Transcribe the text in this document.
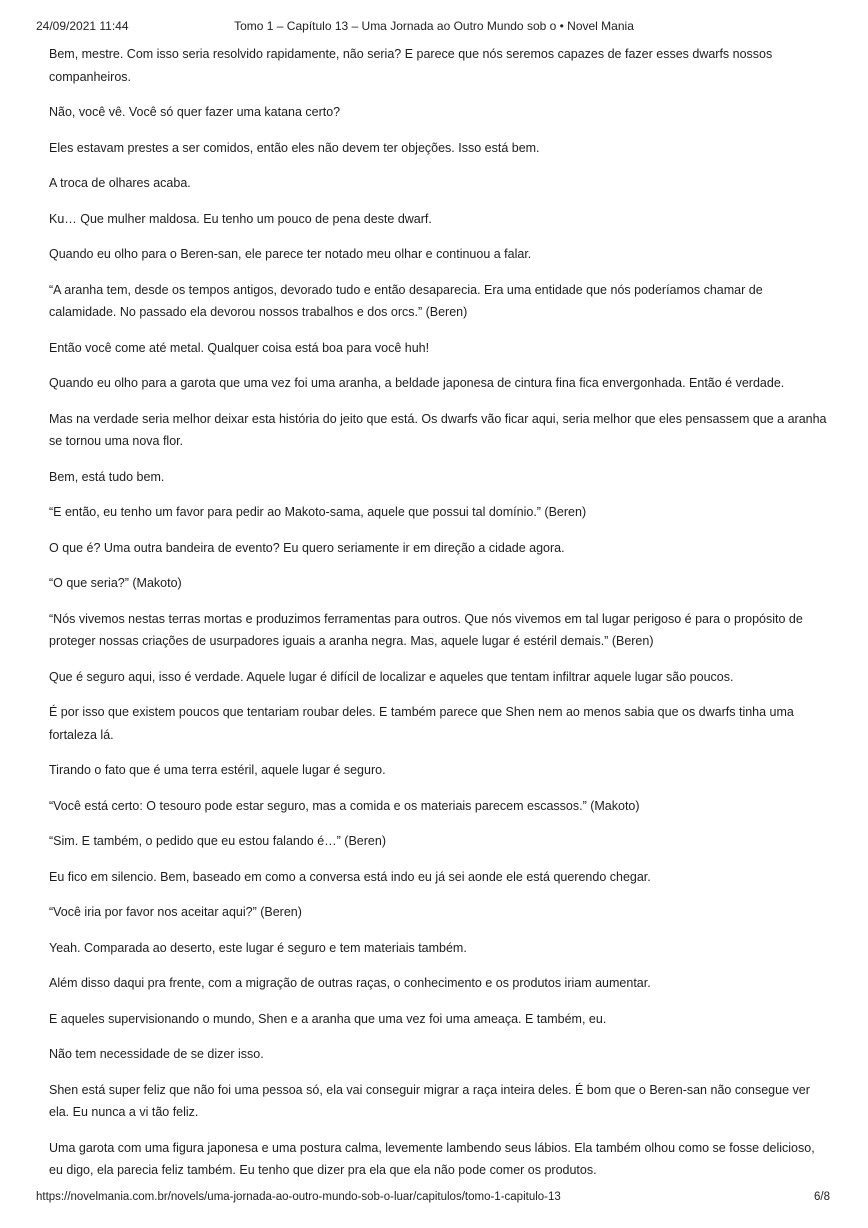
24/09/2021 11:44	Tomo 1 – Capítulo 13 – Uma Jornada ao Outro Mundo sob o • Novel Mania

Bem, mestre. Com isso seria resolvido rapidamente, não seria? E parece que nós seremos capazes de fazer esses dwarfs nossos companheiros.

Não, você vê. Você só quer fazer uma katana certo?

Eles estavam prestes a ser comidos, então eles não devem ter objeções. Isso está bem.

A troca de olhares acaba.

Ku… Que mulher maldosa. Eu tenho um pouco de pena deste dwarf.

Quando eu olho para o Beren-san, ele parece ter notado meu olhar e continuou a falar.

“A aranha tem, desde os tempos antigos, devorado tudo e então desaparecia. Era uma entidade que nós poderíamos chamar de calamidade. No passado ela devorou nossos trabalhos e dos orcs.” (Beren)

Então você come até metal. Qualquer coisa está boa para você huh!

Quando eu olho para a garota que uma vez foi uma aranha, a beldade japonesa de cintura fina fica envergonhada. Então é verdade.

Mas na verdade seria melhor deixar esta história do jeito que está. Os dwarfs vão ficar aqui, seria melhor que eles pensassem que a aranha se tornou uma nova flor.

Bem, está tudo bem.

“E então, eu tenho um favor para pedir ao Makoto-sama, aquele que possui tal domínio.” (Beren)

O que é? Uma outra bandeira de evento? Eu quero seriamente ir em direção a cidade agora.

“O que seria?” (Makoto)

“Nós vivemos nestas terras mortas e produzimos ferramentas para outros. Que nós vivemos em tal lugar perigoso é para o propósito de proteger nossas criações de usurpadores iguais a aranha negra. Mas, aquele lugar é estéril demais.” (Beren)

Que é seguro aqui, isso é verdade. Aquele lugar é difícil de localizar e aqueles que tentam infiltrar aquele lugar são poucos.

É por isso que existem poucos que tentariam roubar deles. E também parece que Shen nem ao menos sabia que os dwarfs tinha uma fortaleza lá.

Tirando o fato que é uma terra estéril, aquele lugar é seguro.

“Você está certo: O tesouro pode estar seguro, mas a comida e os materiais parecem escassos.” (Makoto)

“Sim. E também, o pedido que eu estou falando é…” (Beren)

Eu fico em silencio. Bem, baseado em como a conversa está indo eu já sei aonde ele está querendo chegar.

“Você iria por favor nos aceitar aqui?” (Beren)

Yeah. Comparada ao deserto, este lugar é seguro e tem materiais também.

Além disso daqui pra frente, com a migração de outras raças, o conhecimento e os produtos iriam aumentar.

E aqueles supervisionando o mundo, Shen e a aranha que uma vez foi uma ameaça. E também, eu.

Não tem necessidade de se dizer isso.

Shen está super feliz que não foi uma pessoa só, ela vai conseguir migrar a raça inteira deles. É bom que o Beren-san não consegue ver ela. Eu nunca a vi tão feliz.

Uma garota com uma figura japonesa e uma postura calma, levemente lambendo seus lábios. Ela também olhou como se fosse delicioso, eu digo, ela parecia feliz também. Eu tenho que dizer pra ela que ela não pode comer os produtos.

https://novelmania.com.br/novels/uma-jornada-ao-outro-mundo-sob-o-luar/capitulos/tomo-1-capitulo-13	6/8
